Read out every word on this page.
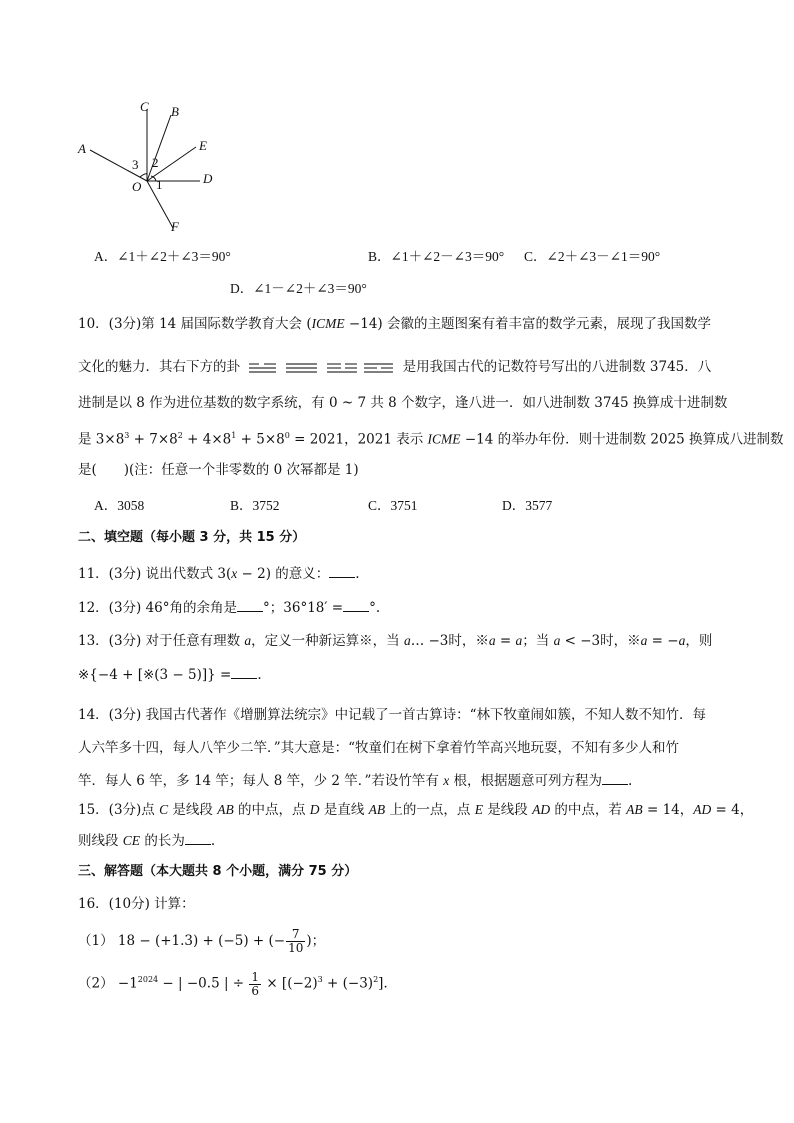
C B
E
D
A
F
O 1
2
3
A．∠1＋∠2＋∠3＝90°	B．∠1＋∠2－∠3＝90° C．∠2＋∠3－∠1＝90°
D．∠1－∠2＋∠3＝90°
10．(3分)第 14 届国际数学教育大会 (ICME −14) 会徽的主题图案有着丰富的数学元素，展现了我国数学
文化的魅力．其右下方的卦	是用我国古代的记数符号写出的八进制数 3745．八
进制是以 8 作为进位基数的数字系统，有 0 ~ 7 共 8 个数字，逢八进一．如八进制数 3745 换算成十进制数
是 $3\times 8^3 + 7\times 8^2 + 4\times 8^1 + 5\times 8^0 = 2021$，2021 表示 ICME −14 的举办年份．则十进制数 2025 换算成八进制数
是(　　)(注：任意一个非零数的 0 次幂都是 1)
A．3058	B．3752	C．3751	D．3577
二、填空题（每小题 3 分，共 15 分）
11．(3分) 说出代数式 3(x − 2) 的意义： .
12．(3分) 46°角的余角是 °；36°18′ = °.
13．(3分) 对于任意有理数 a，定义一种新运算※，当 a… −3时，※a = a；当 a < −3时，※a = −a，则
※{−4 + [※(3 − 5)]} = .
14．(3分) 我国古代著作《增删算法统宗》中记载了一首古算诗：“林下牧童闹如簇，不知人数不知竹．每
人六竿多十四，每人八竿少二竿．”其大意是：“牧童们在树下拿着竹竿高兴地玩耍，不知有多少人和竹
竿．每人 6 竿，多 14 竿；每人 8 竿，少 2 竿．”若设竹竿有 x 根，根据题意可列方程为 .
15．(3分)点 C 是线段 AB 的中点，点 D 是直线 AB 上的一点，点 E 是线段 AD 的中点，若 AB = 14，AD = 4，
则线段 CE 的长为 .
三、解答题（本大题共 8 个小题，满分 75 分）
16．(10分) 计算：
（1） 18 − (+1.3) + (−5) + (− $\frac{7}{10}$ )；
$(2) -1^{2024}$ − | −0.5 | ÷ $\frac{1}{6} \times [(-2)^3 + (-3)^2]$．
